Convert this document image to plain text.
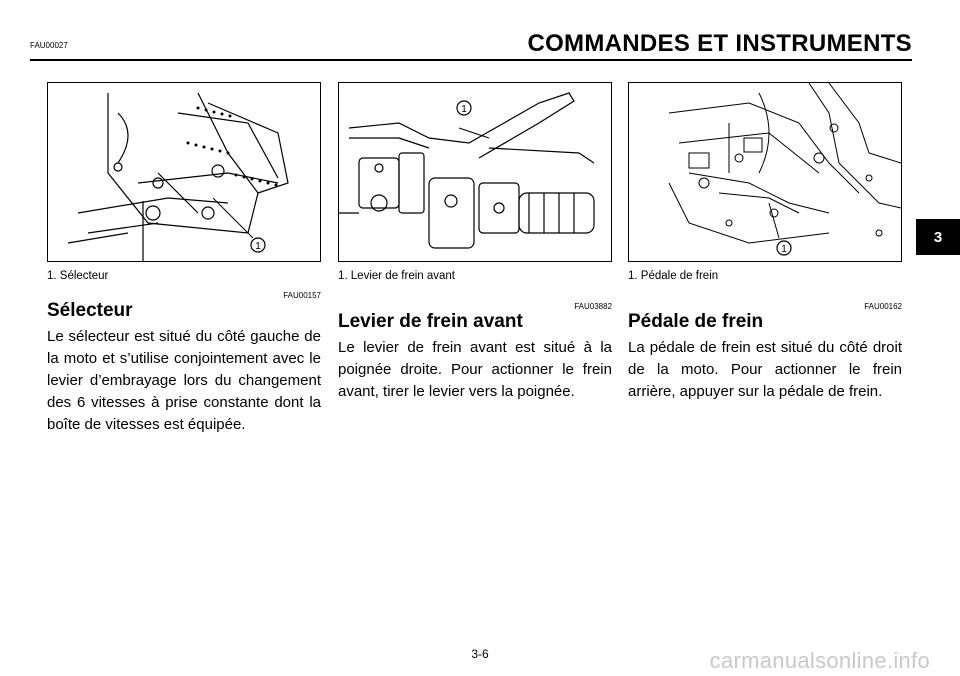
FAU00027	COMMANDES ET INSTRUMENTS
3
1
1. Sélecteur
FAU00157
Sélecteur

Le sélecteur est situé du côté gauche de la moto et s’utilise conjointement avec le levier d’embrayage lors du changement des 6 vitesses à prise constante dont la boîte de vitesses est équipée.

1
1. Levier de frein avant
FAU03882
Levier de frein avant

Le levier de frein avant est situé à la poignée droite. Pour actionner le frein avant, tirer le levier vers la poignée.

1
1. Pédale de frein
FAU00162
Pédale de frein

La pédale de frein est situé du côté droit de la moto. Pour actionner le frein arrière, appuyer sur la pédale de frein.

3-6	carmanualsonline.info
